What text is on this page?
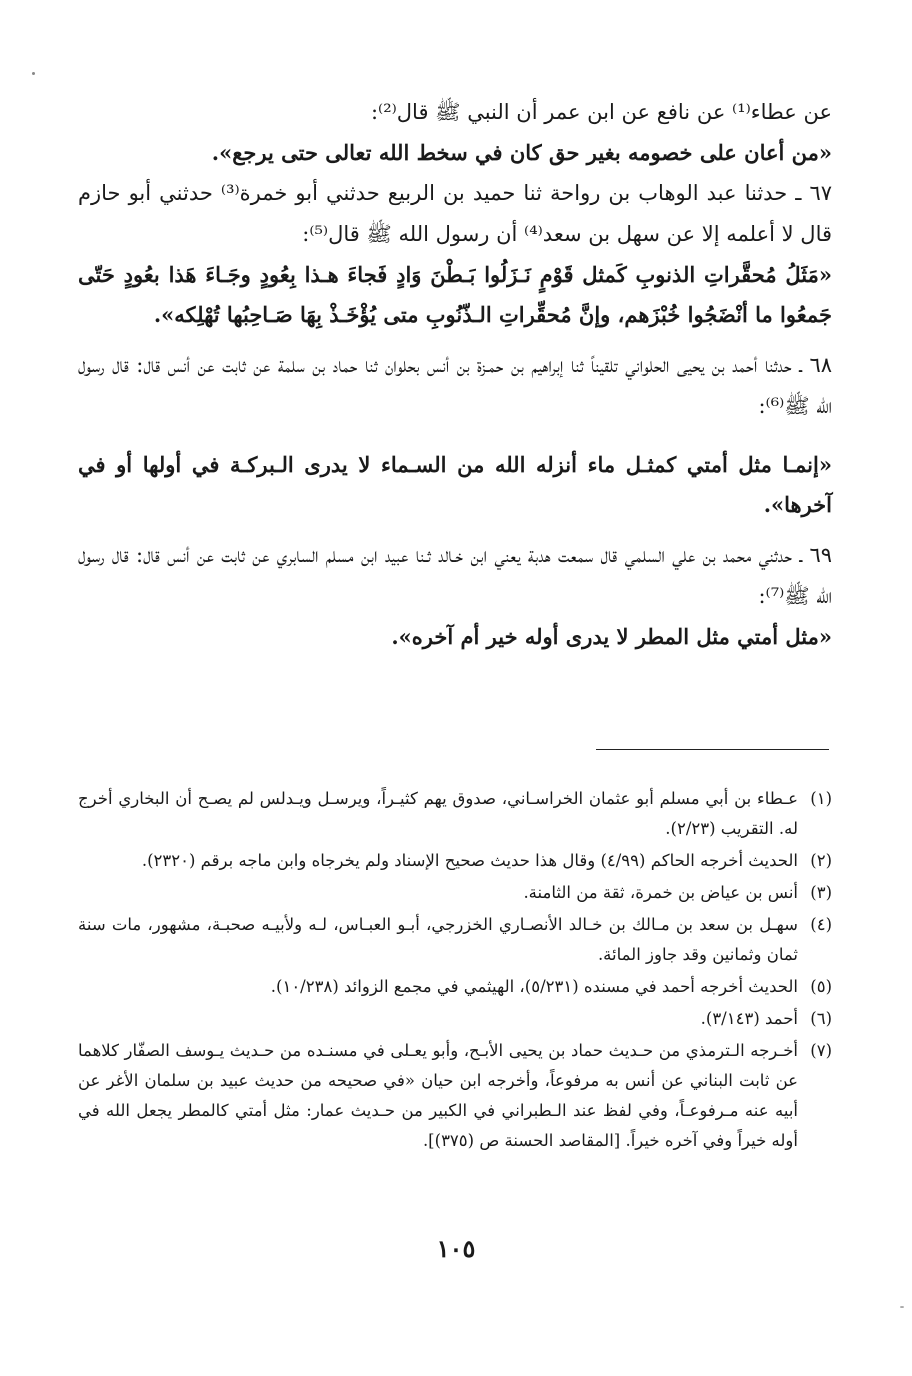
عن عطاء⁽¹⁾ عن نافع عن ابن عمر أن النبي ﷺ قال⁽²⁾:

«من أعان على خصومه بغير حق كان في سخط الله تعالى حتى يرجع».

٦٧ ـ حدثنا عبد الوهاب بن رواحة ثنا حميد بن الربيع حدثني أبو خمرة⁽³⁾ حدثني أبو حازم قال لا أعلمه إلا عن سهل بن سعد⁽⁴⁾ أن رسول الله ﷺ قال⁽⁵⁾:

«مَثَلُ مُحقَّراتِ الذنوبِ كَمثل قَوْمٍ نَـزَلُوا بَـطْنَ وَادٍ فَجاءَ هـذا بِعُودٍ وجَـاءَ هَذا بعُودٍ حَتّى جَمعُوا ما أنْضَجُوا خُبْزَهم، وإنَّ مُحقِّراتِ الـذّنُوبِ متى يُؤْخَـذْ بِهَا صَـاحِبُها تُهْلِكه».

٦٨ ـ حدثنا أحمد بن يحيى الحلواني تلقيناً ثنا إبراهيم بن حمـزة بن أنس بحلوان ثنا حماد بن سلمة عن ثابت عن أنس قال: قال رسول الله ﷺ⁽⁶⁾:

«إنمـا مثل أمتي كمثـل ماء أنزله الله من السـماء لا يدرى الـبركـة في أولها أو في آخرها».

٦٩ ـ حدثني محمد بن علي السلمي قال سمعت هدبة يعني ابن خـالد ثـنا عبيد ابن مسلم السابري عن ثابت عن أنس قال: قال رسول الله ﷺ⁽⁷⁾:

«مثل أمتي مثل المطر لا يدرى أوله خير أم آخره».

(١)
عـطاء بن أبي مسلم أبو عثمان الخراسـاني، صدوق يهم كثيـراً، ويرسـل ويـدلس لم يصـح أن البخاري أخرج له. التقريب (٢/٢٣).

(٢)
الحديث أخرجه الحاكم (٤/٩٩) وقال هذا حديث صحيح الإسناد ولم يخرجاه وابن ماجه برقم (٢٣٢٠).

(٣)
أنس بن عياض بن خمرة، ثقة من الثامنة.

(٤)
سهـل بن سعد بن مـالك بن خـالد الأنصـاري الخزرجي، أبـو العبـاس، لـه ولأبيـه صحبـة، مشهور، مات سنة ثمان وثمانين وقد جاوز المائة.

(٥)
الحديث أخرجه أحمد في مسنده (٥/٢٣١)، الهيثمي في مجمع الزوائد (١٠/٢٣٨).

(٦)
أحمد (٣/١٤٣).

(٧)
أخـرجه الـترمذي من حـديث حماد بن يحيى الأبـح، وأبو يعـلى في مسنـده من حـديث يـوسف الصفّار كلاهما عن ثابت البناني عن أنس به مرفوعاً، وأخرجه ابن حيان «في صحيحه من حديث عبيد بن سلمان الأغر عن أبيه عنه مـرفوعـاً، وفي لفظ عند الـطبراني في الكبير من حـديث عمار: مثل أمتي كالمطر يجعل الله في أوله خيراً وفي آخره خيراً. [المقاصد الحسنة ص (٣٧٥)].

١٠٥
